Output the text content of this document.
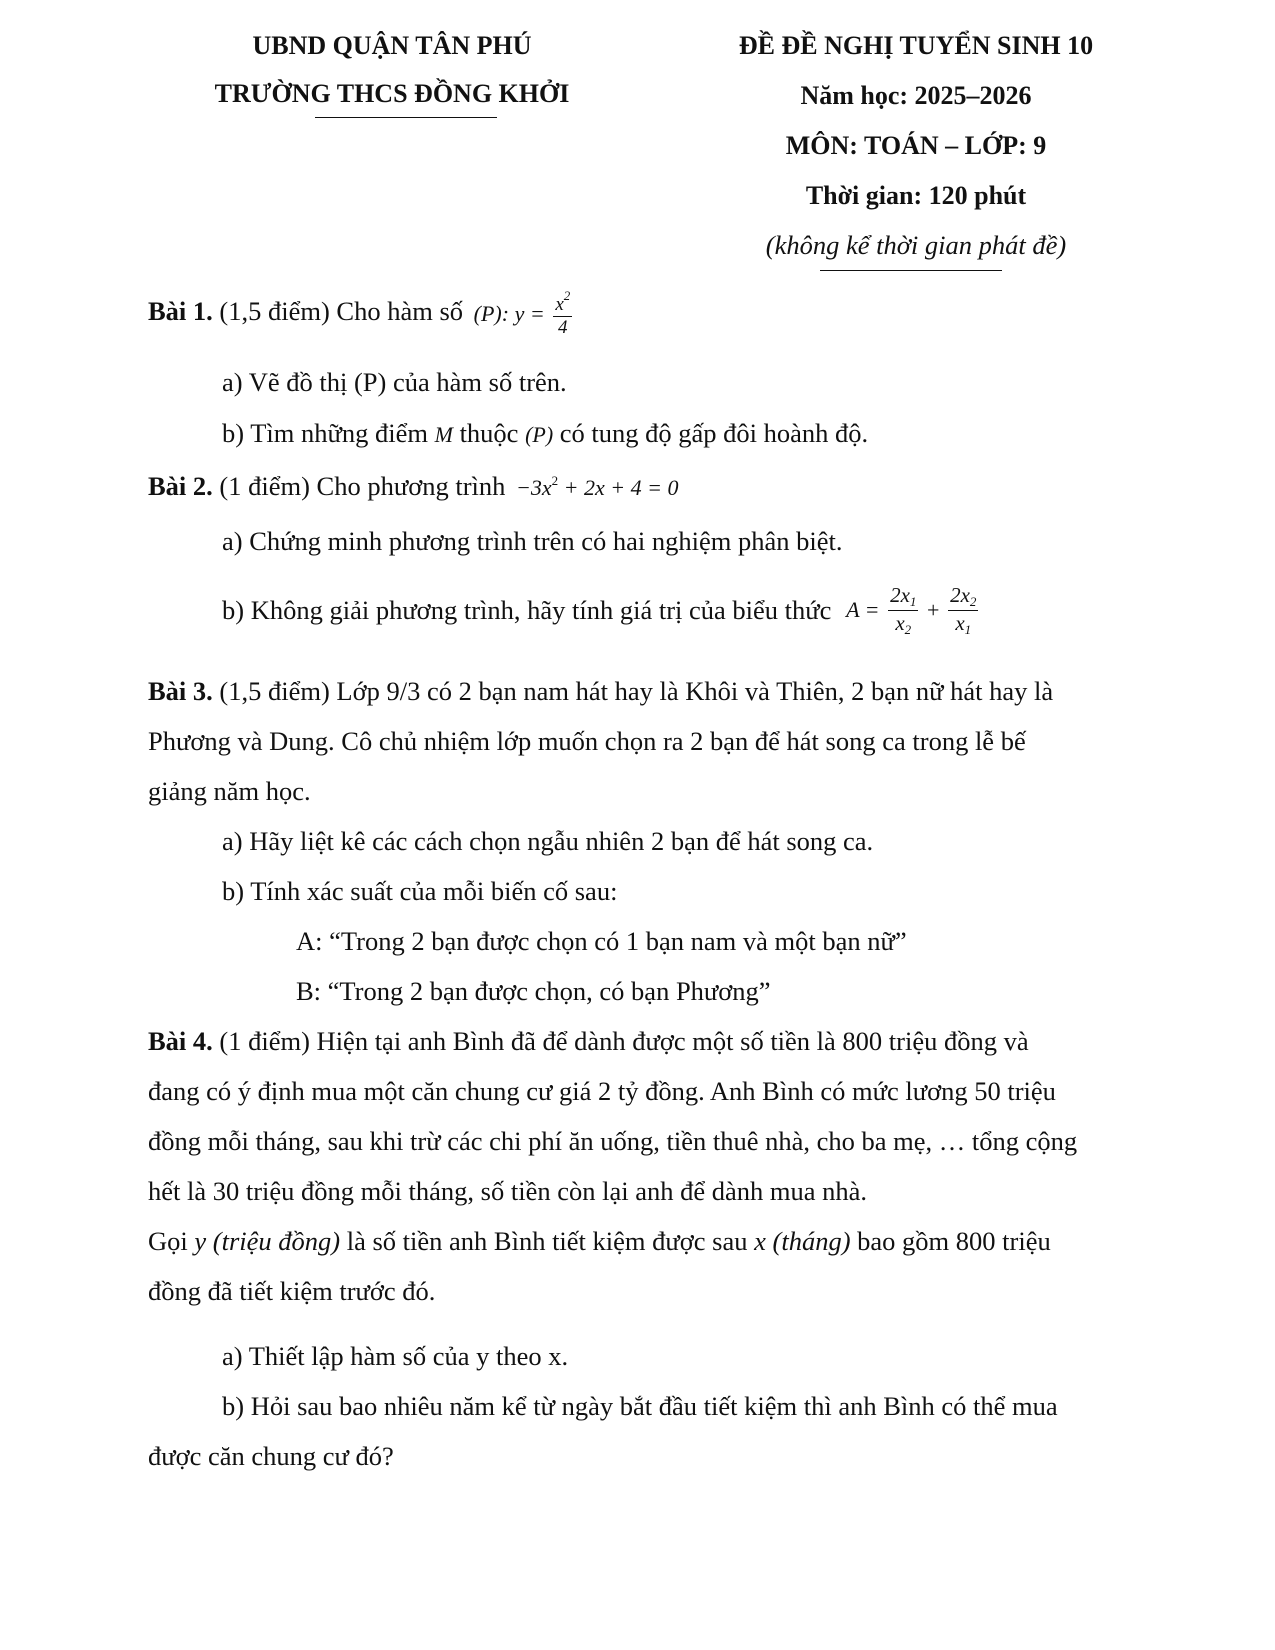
UBND QUẬN TÂN PHÚ
TRƯỜNG THCS ĐỒNG KHỞI
ĐỀ ĐỀ NGHỊ TUYỂN SINH 10
Năm học: 2025–2026
MÔN: TOÁN – LỚP: 9
Thời gian: 120 phút
(không kể thời gian phát đề)
Bài 1. (1,5 điểm) Cho hàm số (P): $y = \frac{x^2}{4}$
a) Vẽ đồ thị (P) của hàm số trên.
b) Tìm những điểm M thuộc (P) có tung độ gấp đôi hoành độ.
Bài 2. (1 điểm) Cho phương trình $-3x^2 + 2x + 4 = 0$
a) Chứng minh phương trình trên có hai nghiệm phân biệt.
b) Không giải phương trình, hãy tính giá trị của biểu thức $A = \frac{2x_1}{x_2} + \frac{2x_2}{x_1}$
Bài 3. (1,5 điểm) Lớp 9/3 có 2 bạn nam hát hay là Khôi và Thiên, 2 bạn nữ hát hay là
Phương và Dung. Cô chủ nhiệm lớp muốn chọn ra 2 bạn để hát song ca trong lễ bế
giảng năm học.
a) Hãy liệt kê các cách chọn ngẫu nhiên 2 bạn để hát song ca.
b) Tính xác suất của mỗi biến cố sau:
A: “Trong 2 bạn được chọn có 1 bạn nam và một bạn nữ”
B: “Trong 2 bạn được chọn, có bạn Phương”
Bài 4. (1 điểm) Hiện tại anh Bình đã để dành được một số tiền là 800 triệu đồng và
đang có ý định mua một căn chung cư giá 2 tỷ đồng. Anh Bình có mức lương 50 triệu
đồng mỗi tháng, sau khi trừ các chi phí ăn uống, tiền thuê nhà, cho ba mẹ, … tổng cộng
hết là 30 triệu đồng mỗi tháng, số tiền còn lại anh để dành mua nhà.
Gọi y (triệu đồng) là số tiền anh Bình tiết kiệm được sau x (tháng) bao gồm 800 triệu
đồng đã tiết kiệm trước đó.
a) Thiết lập hàm số của y theo x.
b) Hỏi sau bao nhiêu năm kể từ ngày bắt đầu tiết kiệm thì anh Bình có thể mua
được căn chung cư đó?
